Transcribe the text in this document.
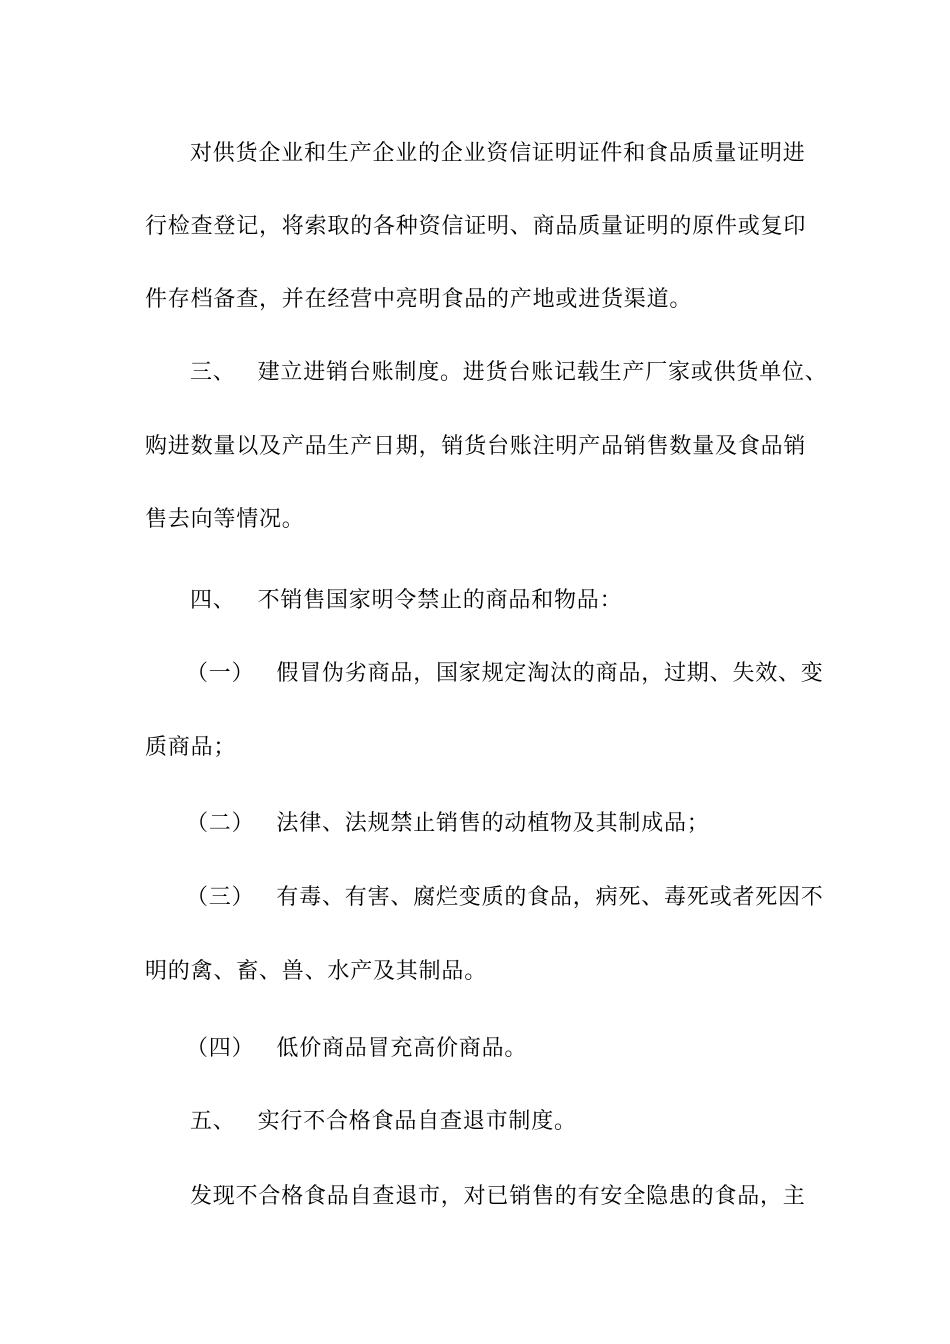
对供货企业和生产企业的企业资信证明证件和食品质量证明进
行检查登记，将索取的各种资信证明、商品质量证明的原件或复印
件存档备查，并在经营中亮明食品的产地或进货渠道。
三、 建立进销台账制度。进货台账记载生产厂家或供货单位、
购进数量以及产品生产日期，销货台账注明产品销售数量及食品销
售去向等情况。
四、 不销售国家明令禁止的商品和物品：
（一） 假冒伪劣商品，国家规定淘汰的商品，过期、失效、变
质商品；
（二） 法律、法规禁止销售的动植物及其制成品；
（三） 有毒、有害、腐烂变质的食品，病死、毒死或者死因不
明的禽、畜、兽、水产及其制品。
（四） 低价商品冒充高价商品。
五、 实行不合格食品自查退市制度。
发现不合格食品自查退市，对已销售的有安全隐患的食品，主
